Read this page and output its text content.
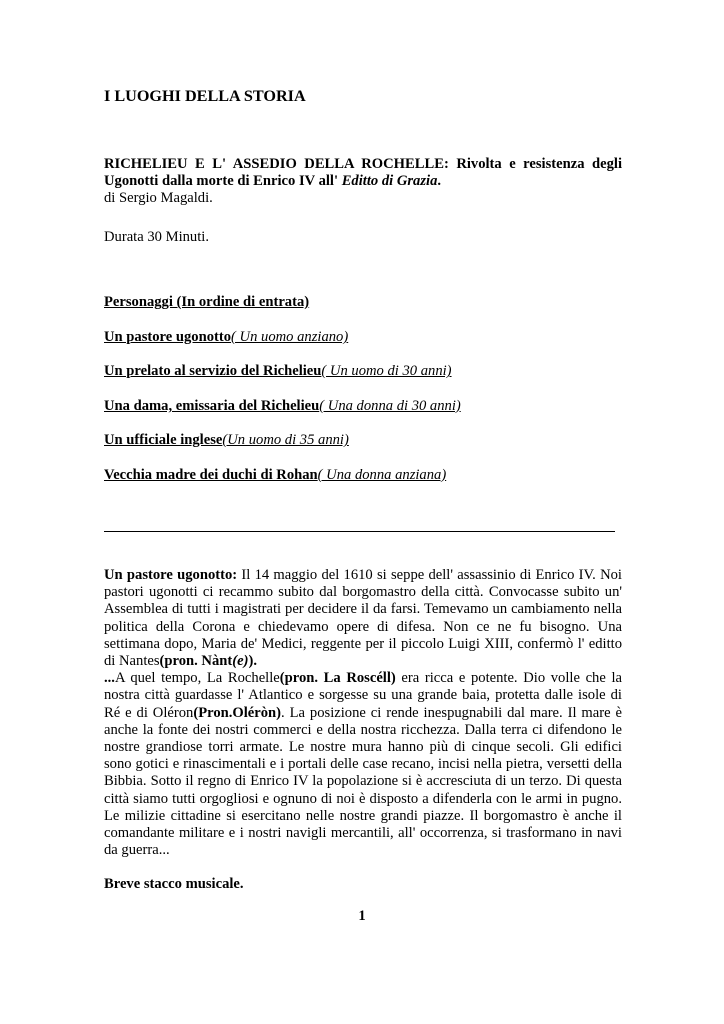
I LUOGHI DELLA STORIA

RICHELIEU E L' ASSEDIO DELLA ROCHELLE: Rivolta e resistenza degli Ugonotti dalla morte di Enrico IV all' Editto di Grazia.

di Sergio Magaldi.

Durata 30 Minuti.

Personaggi (In ordine di entrata)

Un pastore ugonotto( Un uomo anziano)
Un prelato al servizio del Richelieu( Un uomo di 30 anni)
Una dama, emissaria del Richelieu( Una donna di 30 anni)
Un ufficiale inglese(Un uomo di 35 anni)
Vecchia madre dei duchi di Rohan( Una donna anziana)

Un pastore ugonotto: Il 14 maggio del 1610 si seppe dell' assassinio di Enrico IV. Noi pastori ugonotti ci recammo subito dal borgomastro della città. Convocasse subito un' Assemblea di tutti i magistrati per decidere il da farsi. Temevamo un cambiamento nella politica della Corona e chiedevamo opere di difesa. Non ce ne fu bisogno. Una settimana dopo, Maria de' Medici, reggente per il piccolo Luigi XIII, confermò l' editto di Nantes(pron. Nànt(e)).
...A quel tempo, La Rochelle(pron. La Roscéll) era ricca e potente. Dio volle che la nostra città guardasse l' Atlantico e sorgesse su una grande baia, protetta dalle isole di Ré e di Oléron(Pron.Oléròn). La posizione ci rende inespugnabili dal mare. Il mare è anche la fonte dei nostri commerci e della nostra ricchezza. Dalla terra ci difendono le nostre grandiose torri armate. Le nostre mura hanno più di cinque secoli. Gli edifici sono gotici e rinascimentali e i portali delle case recano, incisi nella pietra, versetti della Bibbia. Sotto il regno di Enrico IV la popolazione si è accresciuta di un terzo. Di questa città siamo tutti orgogliosi e ognuno di noi è disposto a difenderla con le armi in pugno. Le milizie cittadine si esercitano nelle nostre grandi piazze. Il borgomastro è anche il comandante militare e i nostri navigli mercantili, all' occorrenza, si trasformano in navi da guerra...

Breve stacco musicale.

1
